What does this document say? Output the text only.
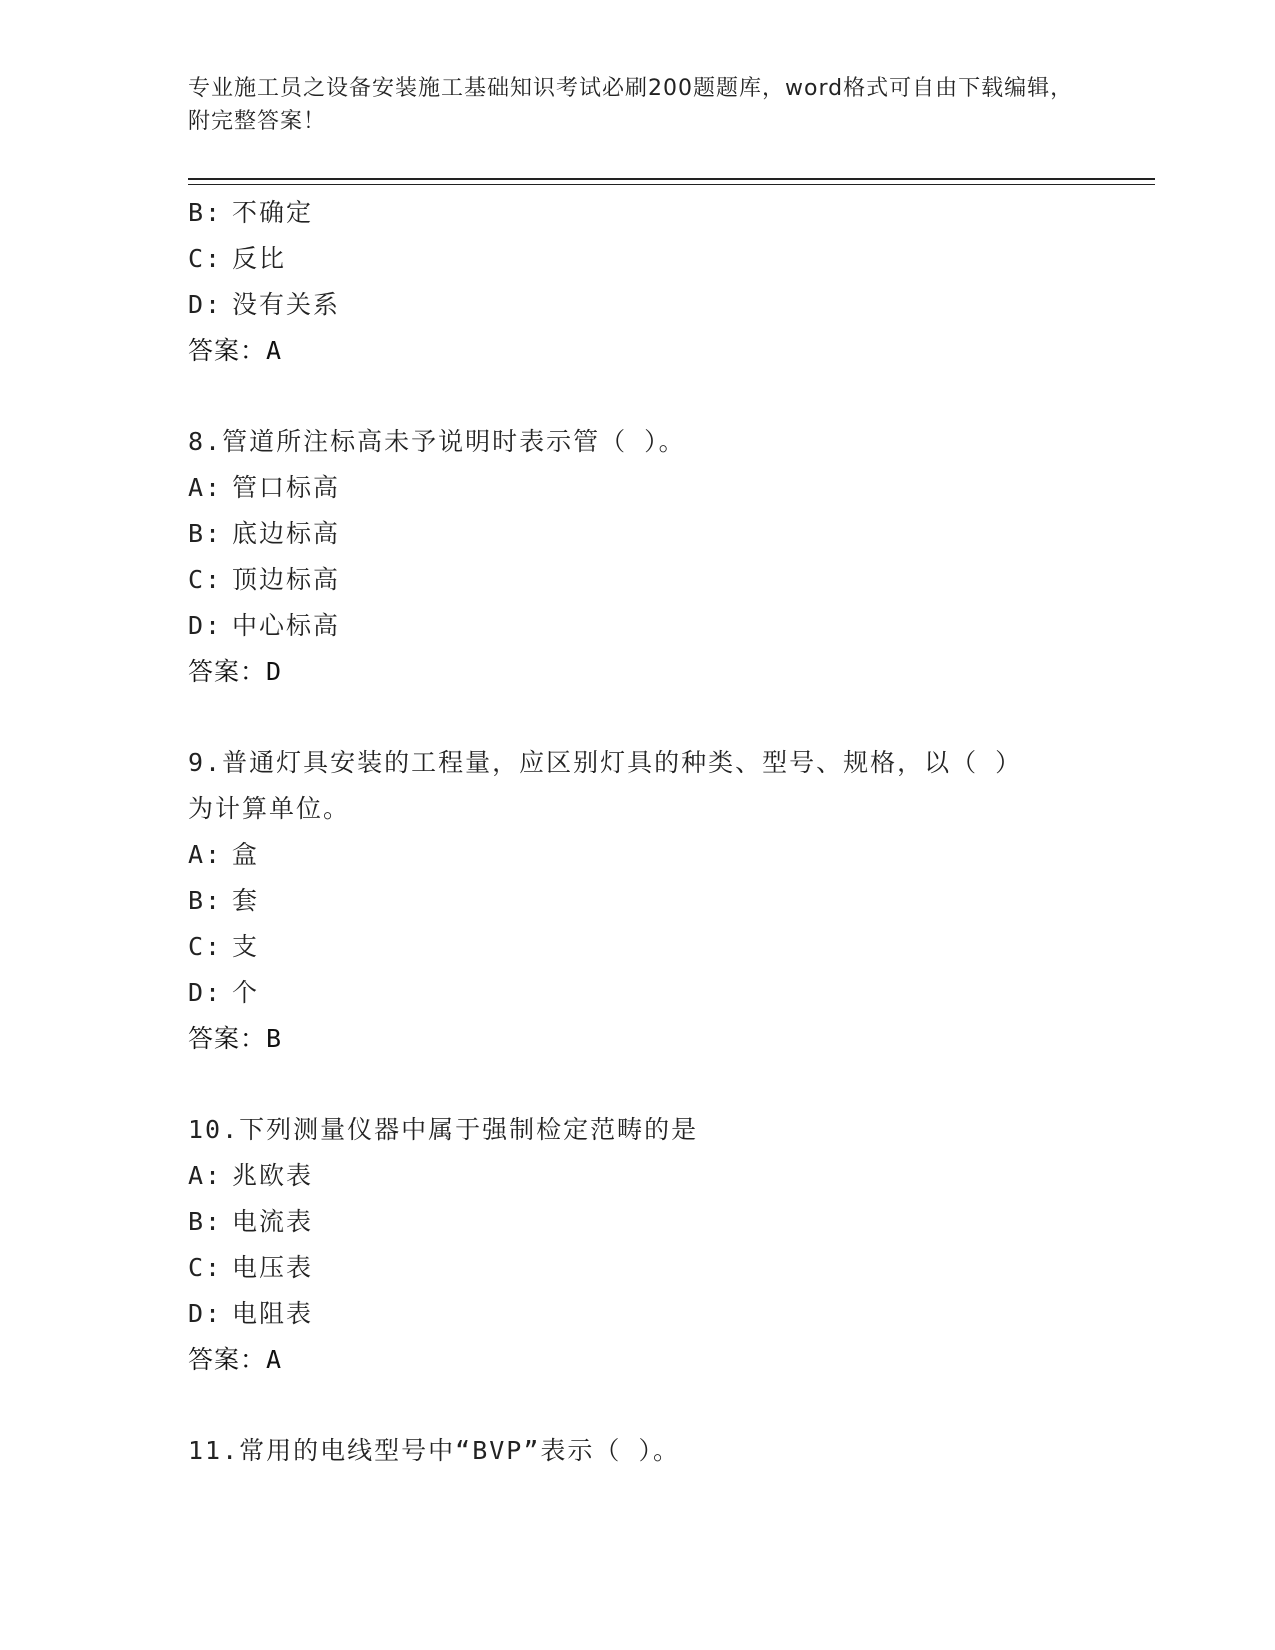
专业施工员之设备安装施工基础知识考试必刷200题题库，word格式可自由下载编辑，附完整答案！
B: 不确定
C: 反比
D: 没有关系
答案：A
8.管道所注标高未予说明时表示管（ ）。
A: 管口标高
B: 底边标高
C: 顶边标高
D: 中心标高
答案：D
9.普通灯具安装的工程量，应区别灯具的种类、型号、规格，以（ ）为计算单位。
A: 盒
B: 套
C: 支
D: 个
答案：B
10.下列测量仪器中属于强制检定范畴的是
A: 兆欧表
B: 电流表
C: 电压表
D: 电阻表
答案：A
11.常用的电线型号中“BVP”表示（ ）。
